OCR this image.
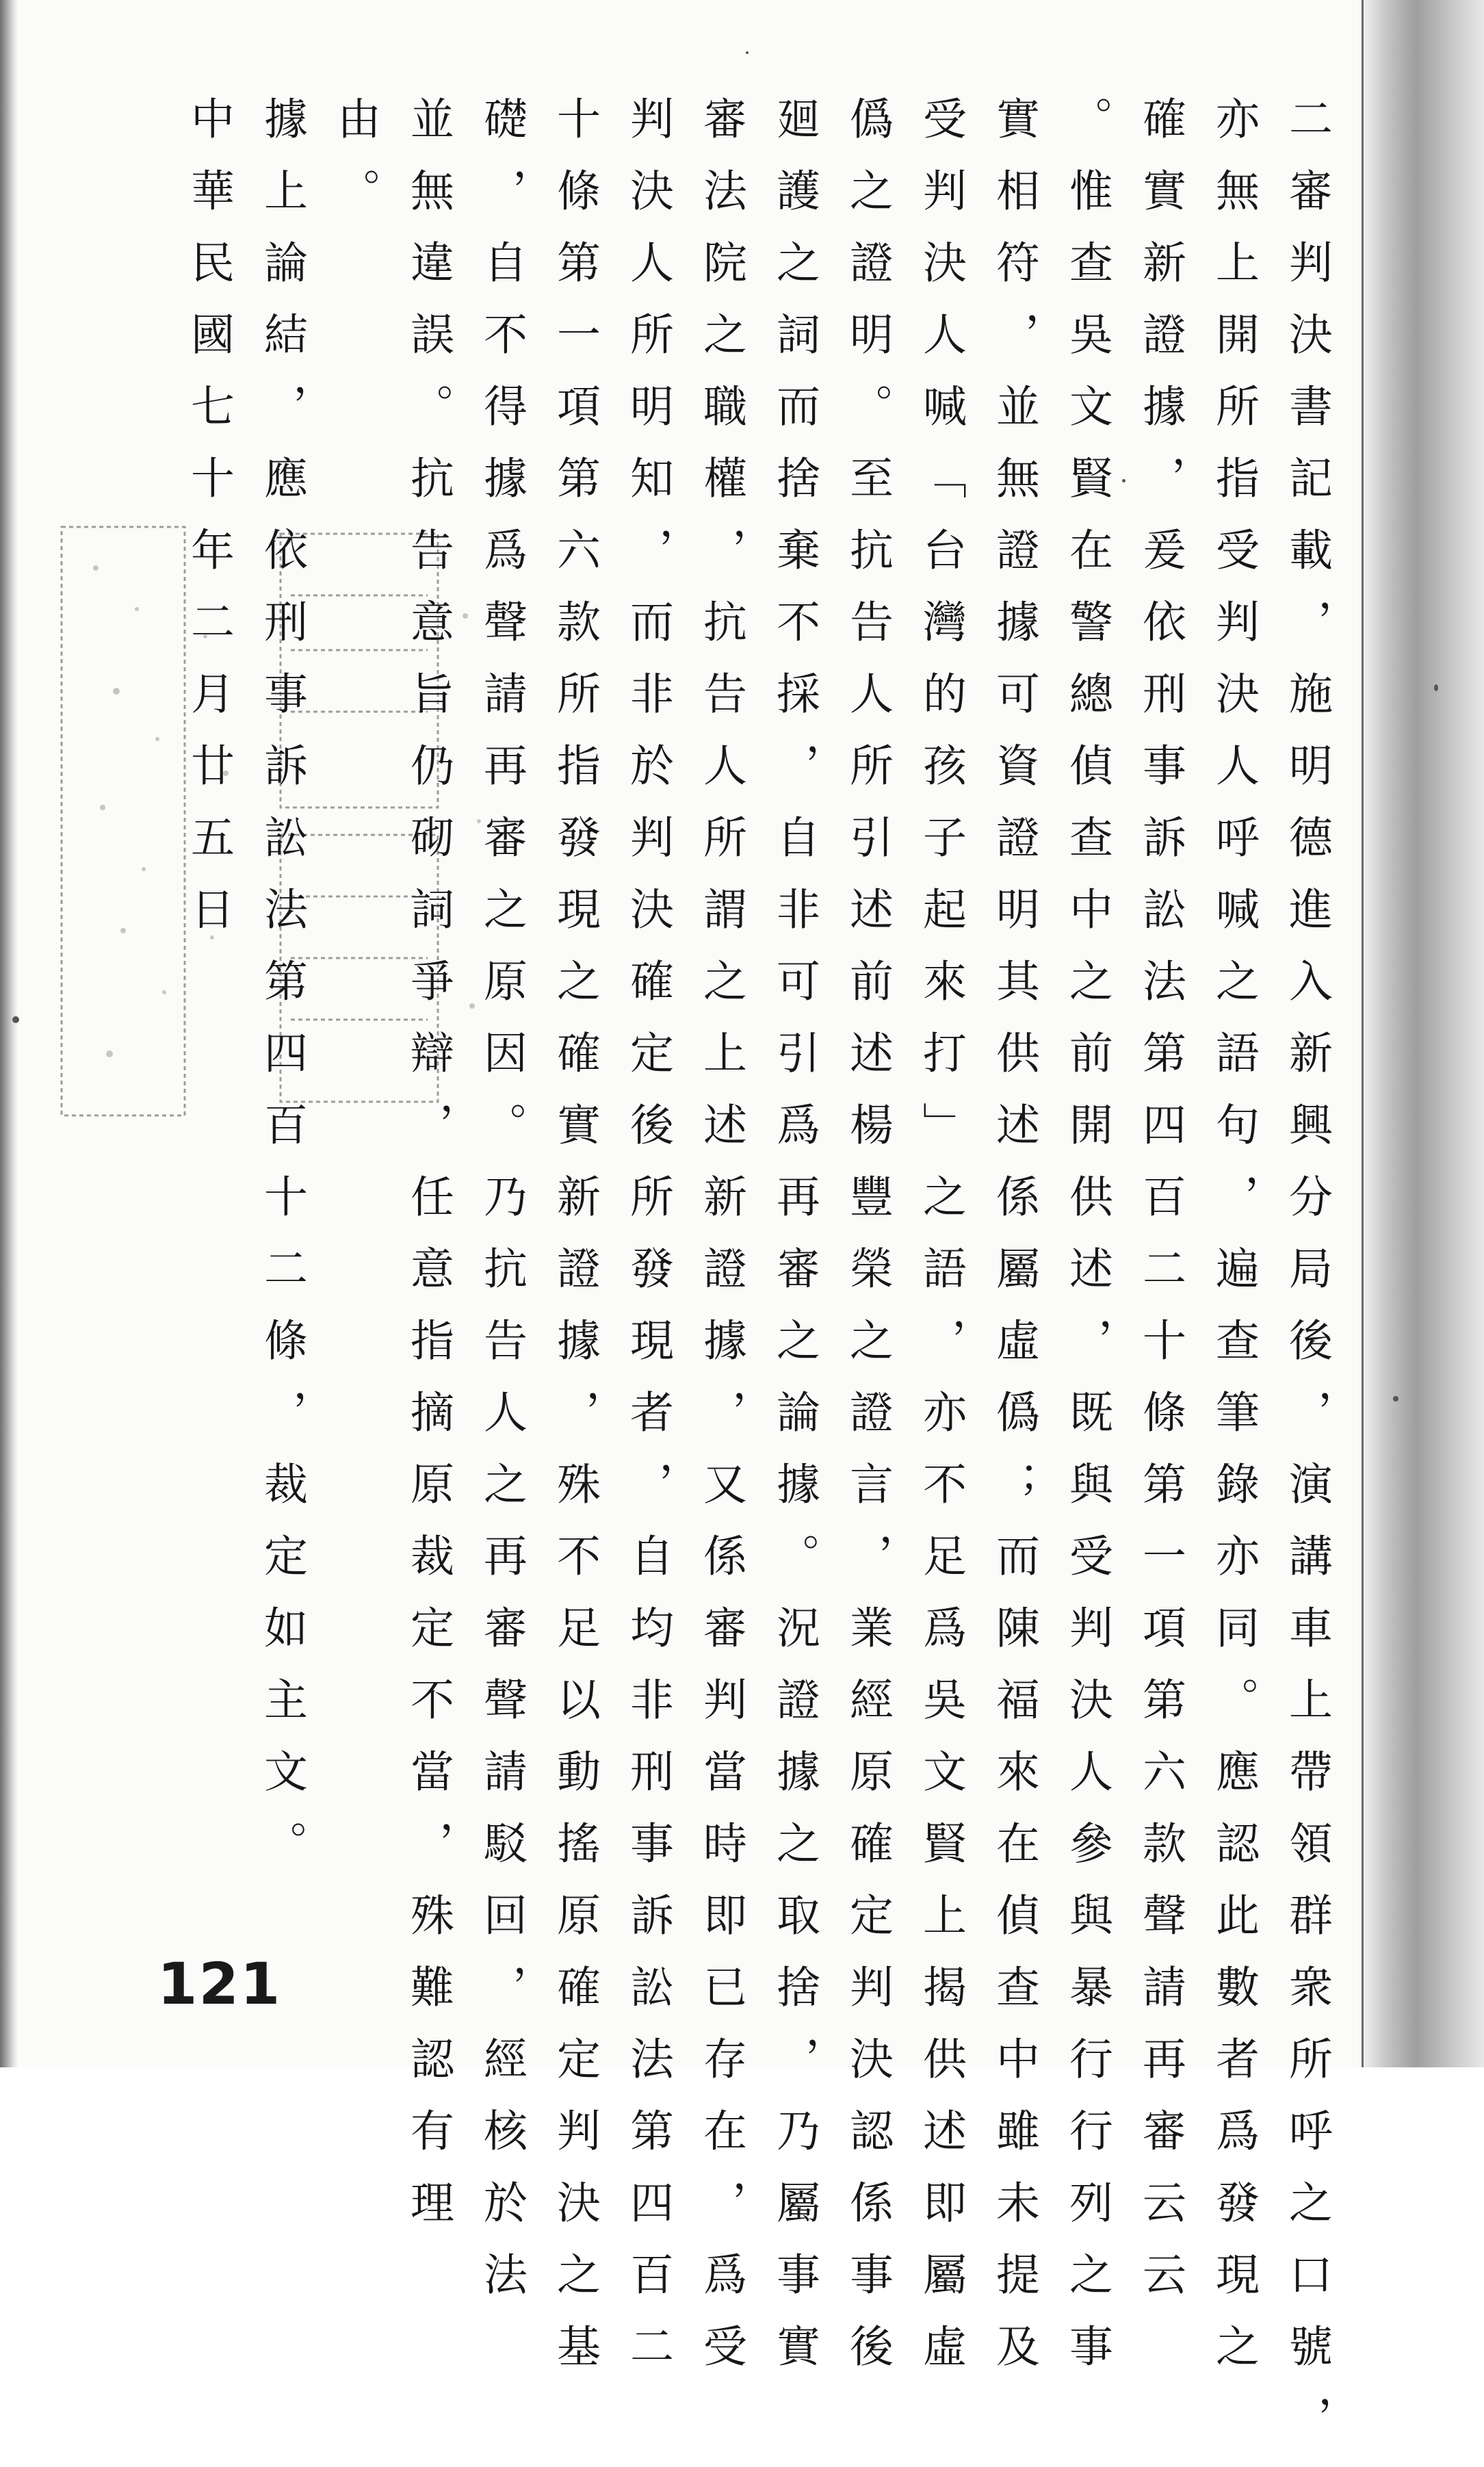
二審判決書記載，施明德進入新興分局後，演講車上帶領群衆所呼之口號，
亦無上開所指受判決人呼喊之語句，遍查筆錄亦同。應認此數者爲發現之
確實新證據，爰依刑事訴訟法第四百二十條第一項第六款聲請再審云云
。惟查吳文賢在警總偵查中之前開供述，既與受判決人參與暴行行列之事
實相符，並無證據可資證明其供述係屬虛僞；而陳福來在偵查中雖未提及
受判決人喊「台灣的孩子起來打」之語，亦不足爲吳文賢上揭供述即屬虛
僞之證明。至抗告人所引述前述楊豐榮之證言，業經原確定判決認係事後
廻護之詞而捨棄不採，自非可引爲再審之論據。況證據之取捨，乃屬事實
審法院之職權，抗告人所謂之上述新證據，又係審判當時即已存在，爲受
判決人所明知，而非於判決確定後所發現者，自均非刑事訴訟法第四百二
十條第一項第六款所指發現之確實新證據，殊不足以動搖原確定判決之基
礎，自不得據爲聲請再審之原因。乃抗告人之再審聲請駁回，經核於法
並無違誤。抗告意旨仍砌詞爭辯，任意指摘原裁定不當，殊難認有理
由。
據上論結，應依刑事訴訟法第四百十二條，裁定如主文。
中華民國七十年二月廿五日
121
